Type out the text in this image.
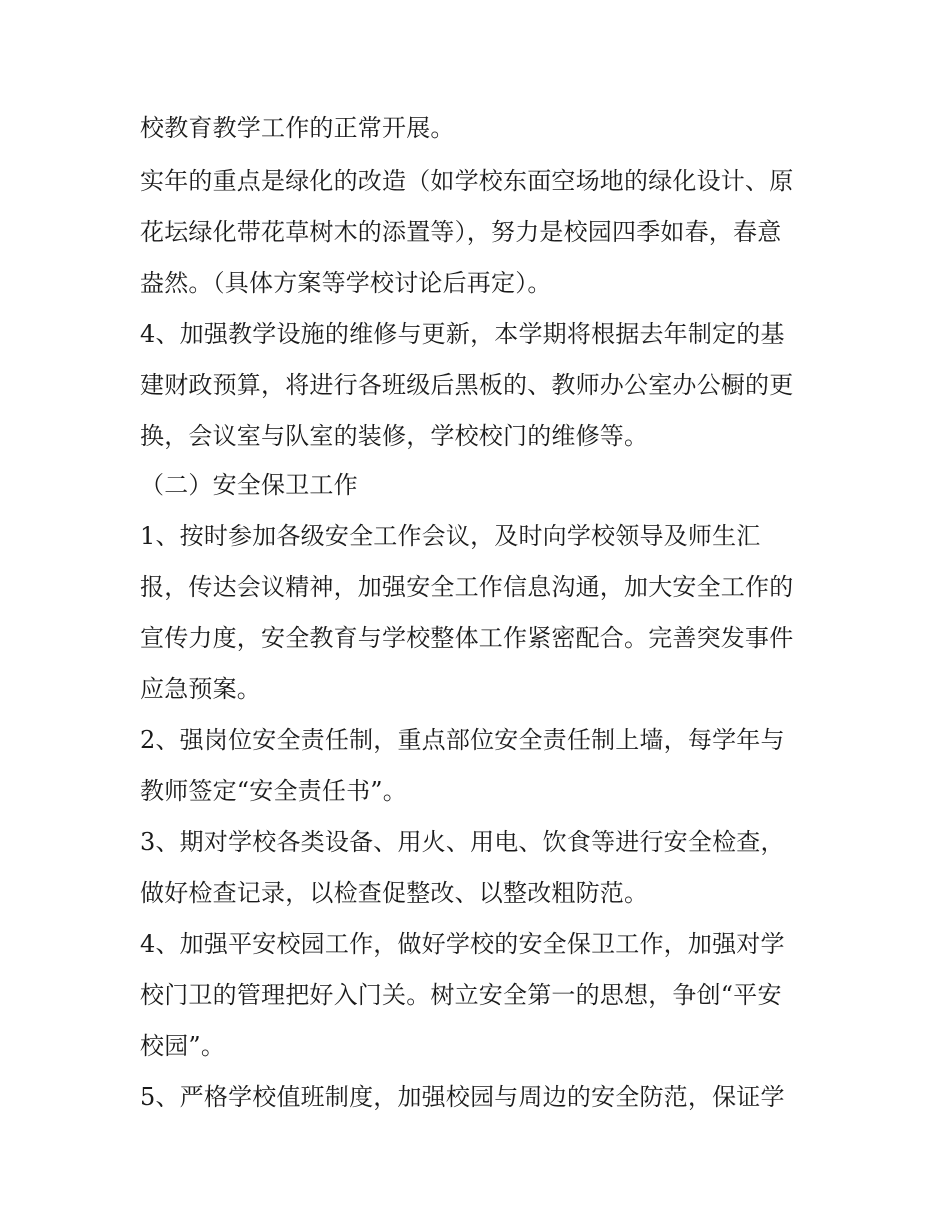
校教育教学工作的正常开展。
实年的重点是绿化的改造（如学校东面空场地的绿化设计、原
花坛绿化带花草树木的添置等），努力是校园四季如春，春意
盎然。（具体方案等学校讨论后再定）。
4、加强教学设施的维修与更新，本学期将根据去年制定的基
建财政预算，将进行各班级后黑板的、教师办公室办公橱的更
换，会议室与队室的装修，学校校门的维修等。
（二）安全保卫工作
1、按时参加各级安全工作会议，及时向学校领导及师生汇
报，传达会议精神，加强安全工作信息沟通，加大安全工作的
宣传力度，安全教育与学校整体工作紧密配合。完善突发事件
应急预案。
2、强岗位安全责任制，重点部位安全责任制上墙，每学年与
教师签定“安全责任书”。
3、期对学校各类设备、用火、用电、饮食等进行安全检查，
做好检查记录，以检查促整改、以整改粗防范。
4、加强平安校园工作，做好学校的安全保卫工作，加强对学
校门卫的管理把好入门关。树立安全第一的思想，争创“平安
校园”。
5、严格学校值班制度，加强校园与周边的安全防范，保证学
